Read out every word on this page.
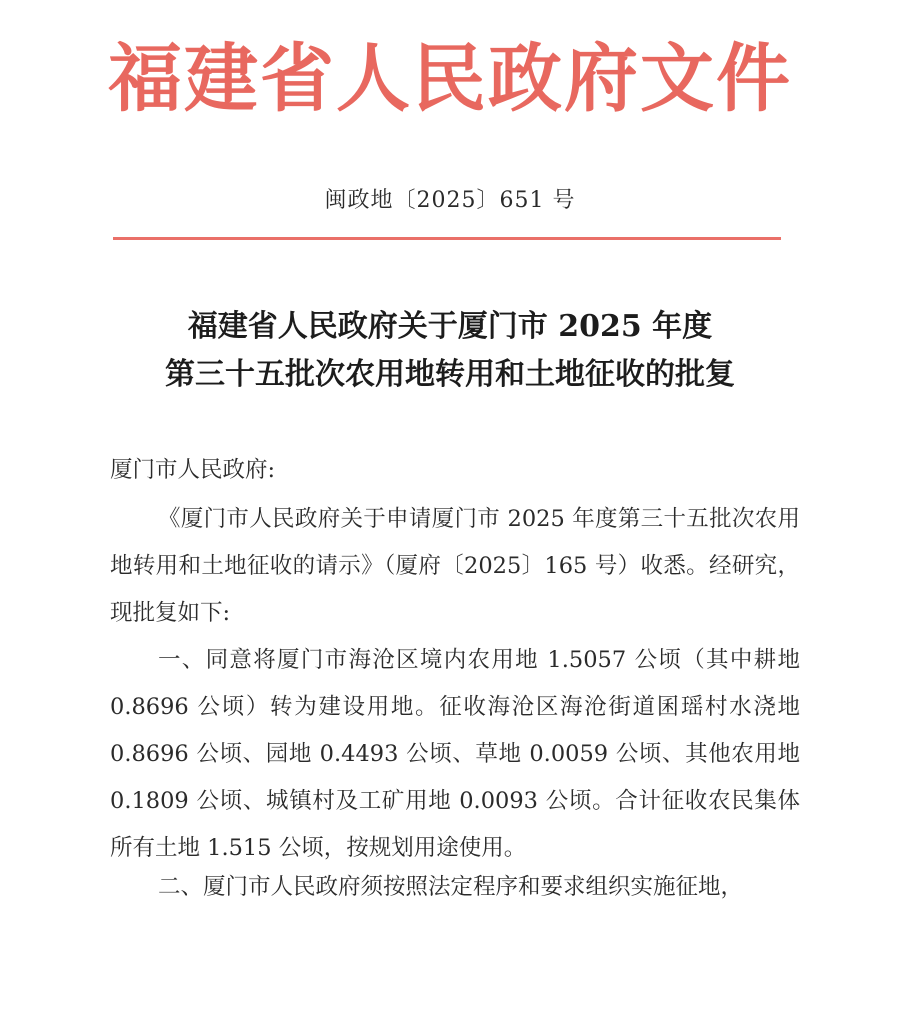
福建省人民政府文件
闽政地〔2025〕651 号
福建省人民政府关于厦门市 2025 年度
第三十五批次农用地转用和土地征收的批复

厦门市人民政府:

《厦门市人民政府关于申请厦门市 2025 年度第三十五批次农用地转用和土地征收的请示》（厦府〔2025〕165 号）收悉。经研究，现批复如下:

一、同意将厦门市海沧区境内农用地 1.5057 公顷（其中耕地 0.8696 公顷）转为建设用地。征收海沧区海沧街道囷瑶村水浇地 0.8696 公顷、园地 0.4493 公顷、草地 0.0059 公顷、其他农用地 0.1809 公顷、城镇村及工矿用地 0.0093 公顷。合计征收农民集体所有土地 1.515 公顷，按规划用途使用。

二、厦门市人民政府须按照法定程序和要求组织实施征地，
